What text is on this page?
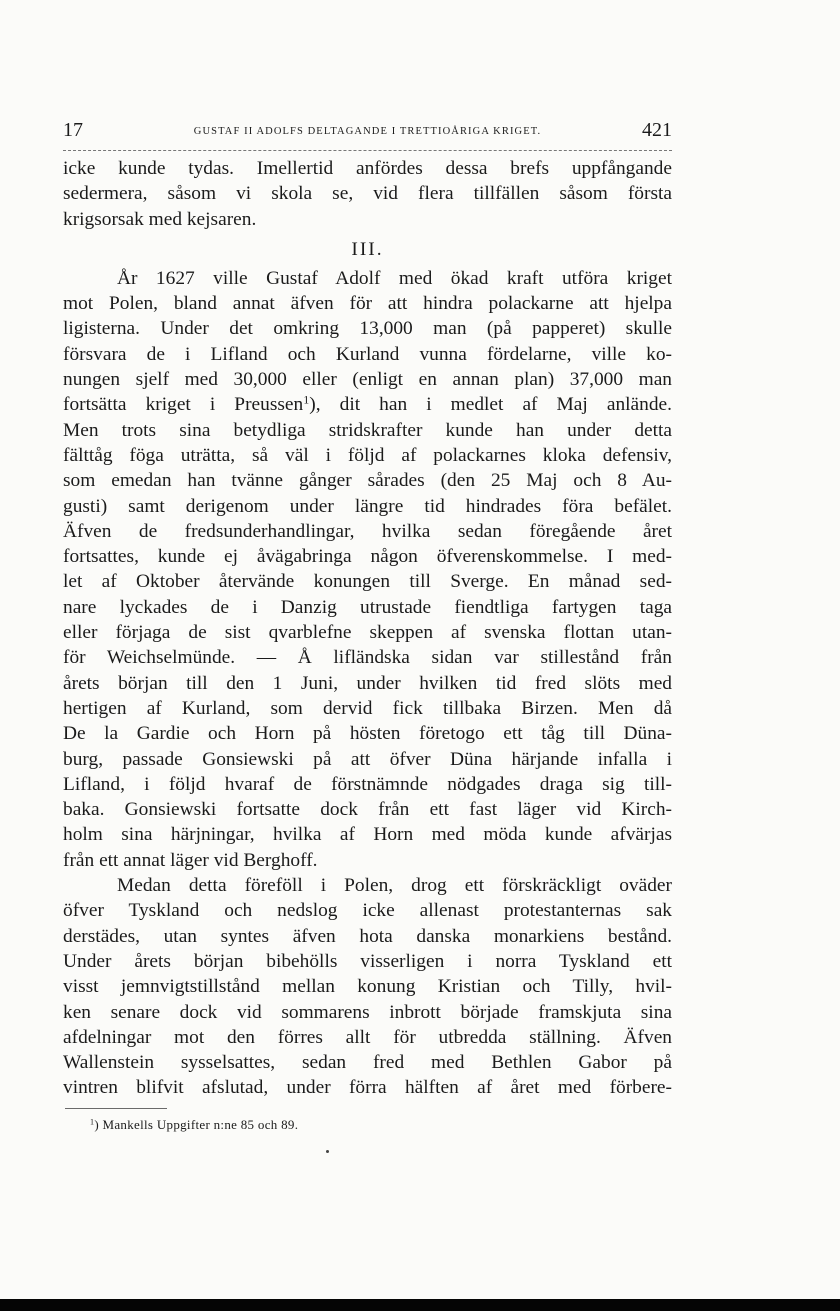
17	GUSTAF II ADOLFS DELTAGANDE I TRETTIOÅRIGA KRIGET.	421
icke kunde tydas. Imellertid anfördes dessa brefs uppfångande
sedermera, såsom vi skola se, vid flera tillfällen såsom första
krigsorsak med kejsaren.
III.
År 1627 ville Gustaf Adolf med ökad kraft utföra kriget
mot Polen, bland annat äfven för att hindra polackarne att hjelpa
ligisterna. Under det omkring 13,000 man (på papperet) skulle
försvara de i Lifland och Kurland vunna fördelarne, ville ko-
nungen sjelf med 30,000 eller (enligt en annan plan) 37,000 man
fortsätta kriget i Preussen$^1$), dit han i medlet af Maj anlände.
Men trots sina betydliga stridskrafter kunde han under detta
fälttåg föga uträtta, så väl i följd af polackarnes kloka defensiv,
som emedan han tvänne gånger sårades (den 25 Maj och 8 Au-
gusti) samt derigenom under längre tid hindrades föra befälet.
Äfven de fredsunderhandlingar, hvilka sedan föregående året
fortsattes, kunde ej åvägabringa någon öfverenskommelse. I med-
let af Oktober återvände konungen till Sverge. En månad sed-
nare lyckades de i Danzig utrustade fiendtliga fartygen taga
eller förjaga de sist qvarblefne skeppen af svenska flottan utan-
för Weichselmünde. — Å lifländska sidan var stillestånd från
årets början till den 1 Juni, under hvilken tid fred slöts med
hertigen af Kurland, som dervid fick tillbaka Birzen. Men då
De la Gardie och Horn på hösten företogo ett tåg till Düna-
burg, passade Gonsiewski på att öfver Düna härjande infalla i
Lifland, i följd hvaraf de förstnämnde nödgades draga sig till-
baka. Gonsiewski fortsatte dock från ett fast läger vid Kirch-
holm sina härjningar, hvilka af Horn med möda kunde afvärjas
från ett annat läger vid Berghoff.
Medan detta föreföll i Polen, drog ett förskräckligt oväder
öfver Tyskland och nedslog icke allenast protestanternas sak
derstädes, utan syntes äfven hota danska monarkiens bestånd.
Under årets början bibehölls visserligen i norra Tyskland ett
visst jemnvigtstillstånd mellan konung Kristian och Tilly, hvil-
ken senare dock vid sommarens inbrott började framskjuta sina
afdelningar mot den förres allt för utbredda ställning. Äfven
Wallenstein sysselsattes, sedan fred med Bethlen Gabor på
vintren blifvit afslutad, under förra hälften af året med förbere-
$^1$) Mankells Uppgifter n:ne 85 och 89.
